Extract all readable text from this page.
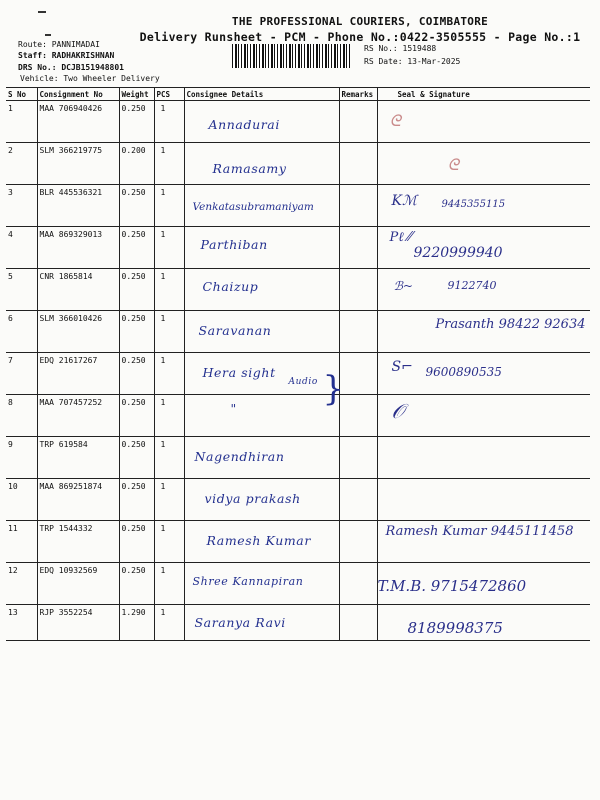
THE PROFESSIONAL COURIERS, COIMBATORE
Delivery Runsheet - PCM - Phone No.:0422-3505555 - Page No.:1
Route: PANNIMADAI
Staff: RADHAKRISHNAN
DRS No.: DCJB151948801
Vehicle: Two Wheeler Delivery
RS No.: 1519488
RS Date: 13-Mar-2025
S No	Consignment No	Weight	PCS	Consignee Details	Remarks	Seal & Signature
1	MAA 706940426	0.250	1	Annadurai		ᘓ

2	SLM 366219775	0.200	1	Ramasamy		ᘓ

3	BLR 445536321	0.250	1	Venkatasubramaniyam		Kℳ 9445355115

4	MAA 869329013	0.250	1	Parthiban		Pℓ ⁄⁄
9220999940

5	CNR 1865814	0.250	1	Chaizup		ℬ~ 9122740

6	SLM 366010426	0.250	1	Saravanan		Prasanth 98422 92634

7	EDQ 21617267	0.250	1	Hera sight
Audio		S⌐ 9600890535

8	MAA 707457252	0.250	1	" }		𝒪

9	TRP 619584	0.250	1	Nagendhiran		

10	MAA 869251874	0.250	1	vidya prakash		

11	TRP 1544332	0.250	1	Ramesh Kumar		Ramesh Kumar 9445111458

12	EDQ 10932569	0.250	1	Shree Kannapiran		T.M.B. 9715472860

13	RJP 3552254	1.290	1	Saranya Ravi		8189998375
